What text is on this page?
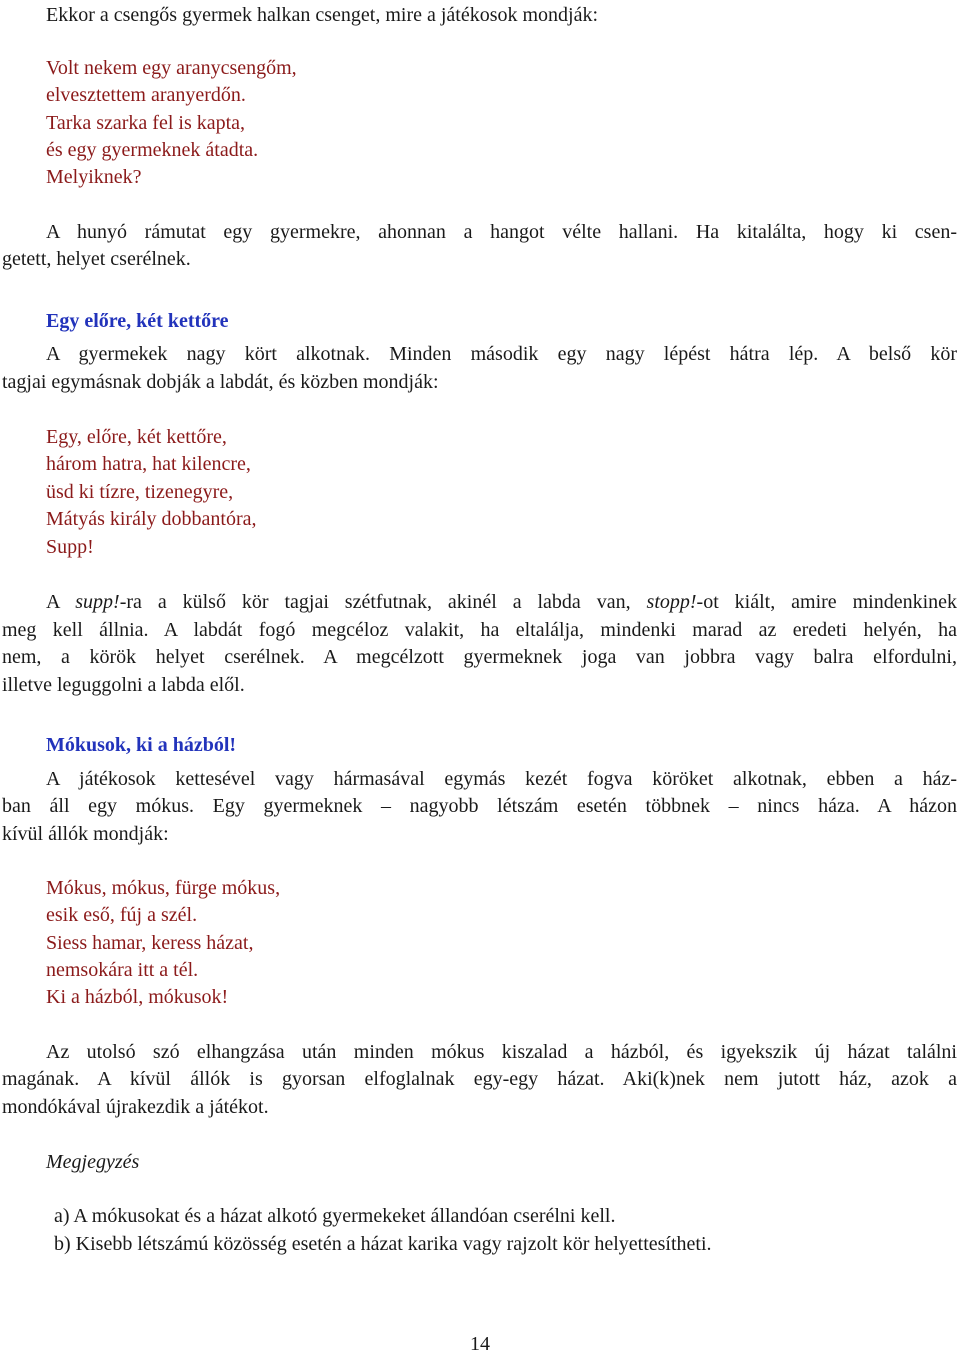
Ekkor a csengős gyermek halkan csenget, mire a játékosok mondják:

Volt nekem egy aranycsengőm,

elvesztettem aranyerdőn.

Tarka szarka fel is kapta,

és egy gyermeknek átadta.

Melyiknek?

A hunyó rámutat egy gyermekre, ahonnan a hangot vélte hallani. Ha kitalálta, hogy ki csen-

getett, helyet cserélnek.

Egy előre, két kettőre

A gyermekek nagy kört alkotnak. Minden második egy nagy lépést hátra lép. A belső kör

tagjai egymásnak dobják a labdát, és közben mondják:

Egy, előre, két kettőre,

három hatra, hat kilencre,

üsd ki tízre, tizenegyre,

Mátyás király dobbantóra,

Supp!

A supp!-ra a külső kör tagjai szétfutnak, akinél a labda van, stopp!-ot kiált, amire mindenkinek

meg kell állnia. A labdát fogó megcéloz valakit, ha eltalálja, mindenki marad az eredeti helyén, ha

nem, a körök helyet cserélnek. A megcélzott gyermeknek joga van jobbra vagy balra elfordulni,

illetve leguggolni a labda elől.

Mókusok, ki a házból!

A játékosok kettesével vagy hármasával egymás kezét fogva köröket alkotnak, ebben a ház-

ban áll egy mókus. Egy gyermeknek – nagyobb létszám esetén többnek – nincs háza. A házon

kívül állók mondják:

Mókus, mókus, fürge mókus,

esik eső, fúj a szél.

Siess hamar, keress házat,

nemsokára itt a tél.

Ki a házból, mókusok!

Az utolsó szó elhangzása után minden mókus kiszalad a házból, és igyekszik új házat találni

magának. A kívül állók is gyorsan elfoglalnak egy-egy házat. Aki(k)nek nem jutott ház, azok a

mondókával újrakezdik a játékot.

Megjegyzés

a) A mókusokat és a házat alkotó gyermekeket állandóan cserélni kell.

b) Kisebb létszámú közösség esetén a házat karika vagy rajzolt kör helyettesítheti.

14
